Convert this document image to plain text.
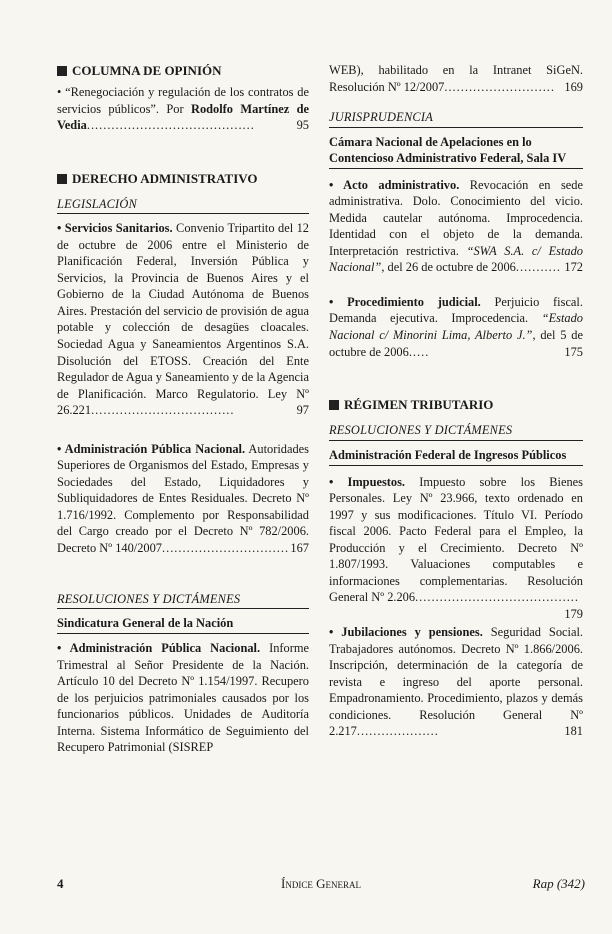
COLUMNA DE OPINIÓN

• “Renegociación y regulación de los contratos de servicios públicos”. Por Rodolfo Martínez de Vedia.........................................	95

DERECHO ADMINISTRATIVO
LEGISLACIÓN

• Servicios Sanitarios. Convenio Tripartito del 12 de octubre de 2006 entre el Ministerio de Planificación Federal, Inversión Pública y Servicios, la Provincia de Buenos Aires y el Gobierno de la Ciudad Autónoma de Buenos Aires. Prestación del servicio de provisión de agua potable y colección de desagües cloacales. Sociedad Agua y Saneamientos Argentinos S.A. Disolución del ETOSS. Creación del Ente Regulador de Agua y Saneamiento y de la Agencia de Planificación. Marco Regulatorio. Ley Nº 26.221...................................	97

• Administración Pública Nacional. Autoridades Superiores de Organismos del Estado, Empresas y Sociedades del Estado, Liquidadores y Subliquidadores de Entes Residuales. Decreto Nº 1.716/1992. Complemento por Responsabilidad del Cargo creado por el Decreto Nº 782/2006. Decreto Nº 140/2007............................... 167

RESOLUCIONES Y DICTÁMENES
Sindicatura General de la Nación

• Administración Pública Nacional. Informe Trimestral al Señor Presidente de la Nación. Artículo 10 del Decreto Nº 1.154/1997. Recupero de los perjuicios patrimoniales causados por los funcionarios públicos. Unidades de Auditoría Interna. Sistema Informático de Seguimiento del Recupero Patrimonial (SISREP

WEB), habilitado en la Intranet SiGeN. Resolución Nº 12/2007........................... 169

JURISPRUDENCIA
Cámara Nacional de Apelaciones en lo Contencioso Administrativo Federal, Sala IV

• Acto administrativo. Revocación en sede administrativa. Dolo. Conocimiento del vicio. Medida cautelar autónoma. Improcedencia. Identidad con el objeto de la demanda. Interpretación restrictiva. “SWA S.A. c/ Estado Nacional”, del 26 de octubre de 2006........... 172

• Procedimiento judicial. Perjuicio fiscal. Demanda ejecutiva. Improcedencia. “Estado Nacional c/ Minorini Lima, Alberto J.”, del 5 de octubre de 2006.....	175

RÉGIMEN TRIBUTARIO
RESOLUCIONES Y DICTÁMENES
Administración Federal de Ingresos Públicos

• Impuestos. Impuesto sobre los Bienes Personales. Ley Nº 23.966, texto ordenado en 1997 y sus modificaciones. Título VI. Período fiscal 2006. Pacto Federal para el Empleo, la Producción y el Crecimiento. Decreto Nº 1.807/1993. Valuaciones computables e informaciones complementarias. Resolución General Nº 2.206........................................
179

• Jubilaciones y pensiones. Seguridad Social. Trabajadores autónomos. Decreto Nº 1.866/2006. Inscripción, determinación de la categoría de revista e ingreso del aporte personal. Empadronamiento. Procedimiento, plazos y demás condiciones. Resolución General Nº 2.217....................	181

4	Índice General	Rap (342)
